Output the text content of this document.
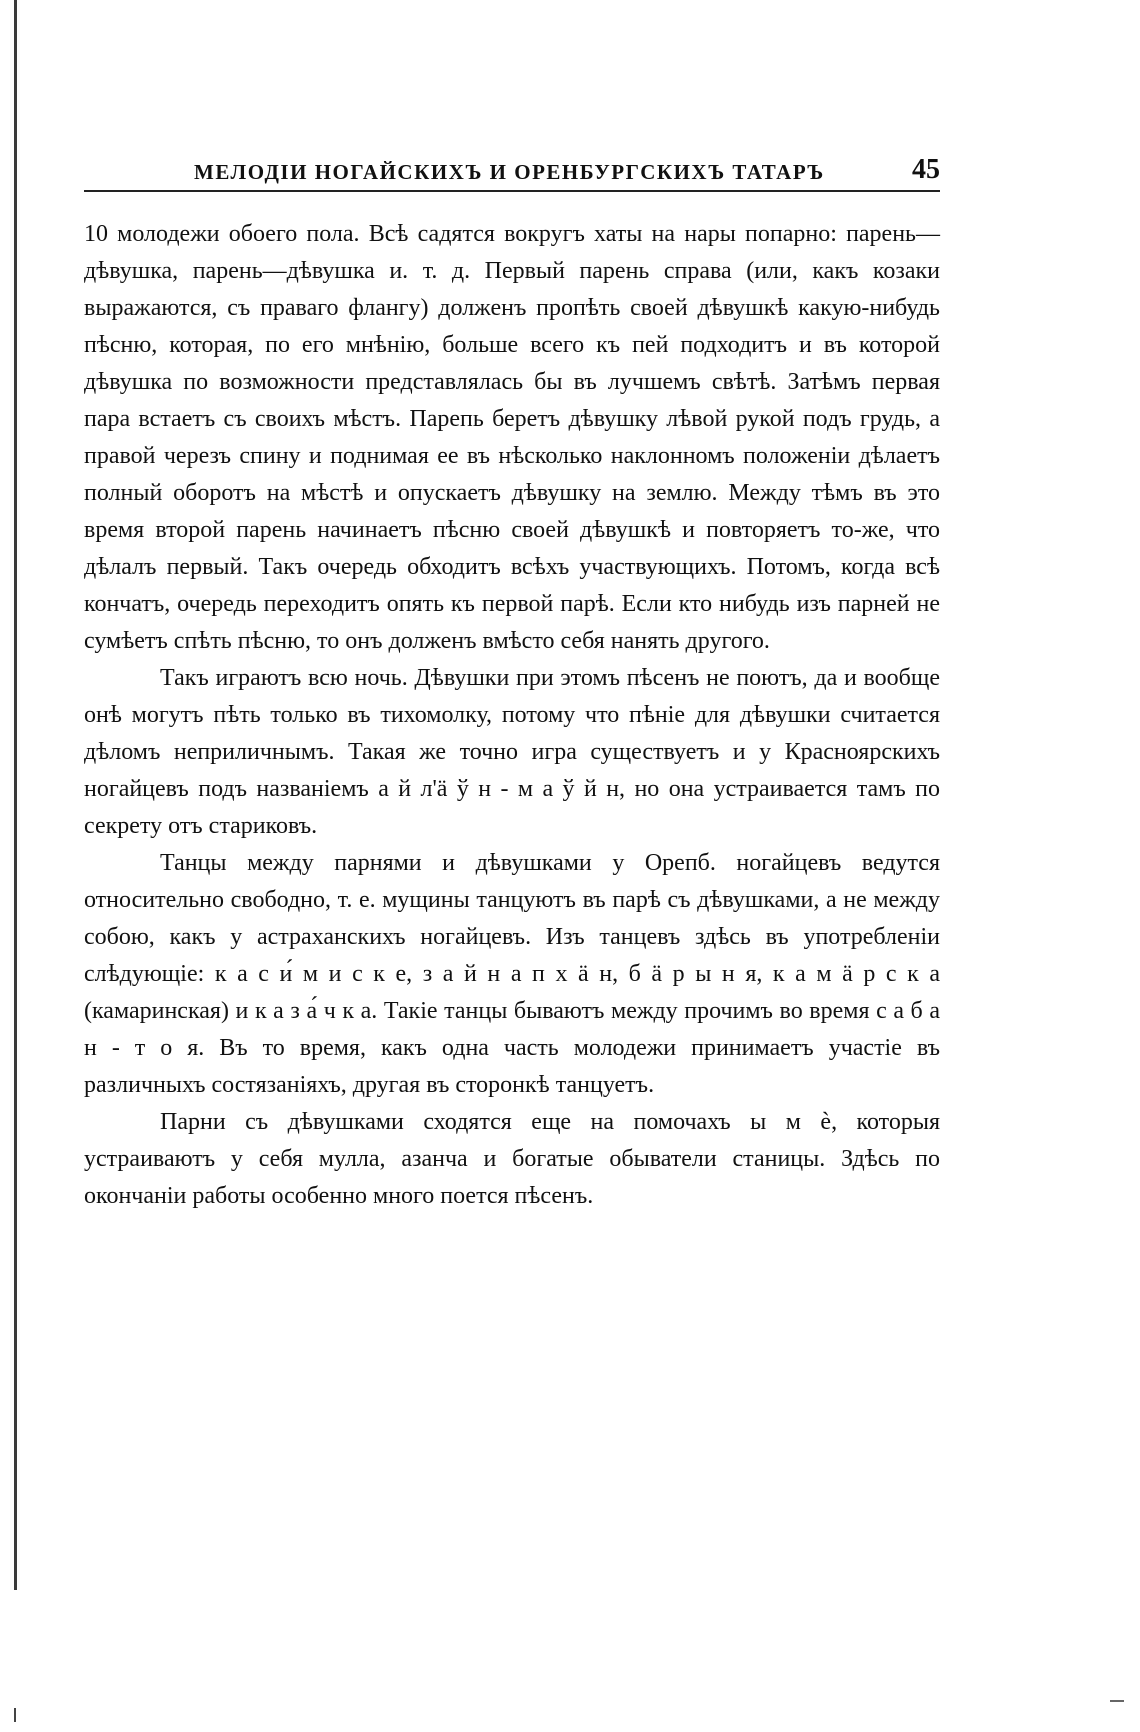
МЕЛОДІИ НОГАЙСКИХЪ И ОРЕНБУРГСКИХЪ ТАТАРЪ	45

10 молодежи обоего пола. Всѣ садятся вокругъ хаты на нары попарно: парень—дѣвушка, парень—дѣвушка и. т. д. Первый парень справа (или, какъ козаки выражаются, съ праваго флангу) долженъ пропѣть своей дѣвушкѣ какую-нибудь пѣсню, которая, по его мнѣнію, больше всего къ пей подходитъ и въ которой дѣвушка по возможности представлялась бы въ лучшемъ свѣтѣ. Затѣмъ первая пара встаетъ съ своихъ мѣстъ. Парепь беретъ дѣвушку лѣвой рукой подъ грудь, а правой черезъ спину и поднимая ее въ нѣсколько наклонномъ положеніи дѣлаетъ полный оборотъ на мѣстѣ и опускаетъ дѣвушку на землю. Между тѣмъ въ это время второй парень начинаетъ пѣсню своей дѣвушкѣ и повторяетъ то-же, что дѣлалъ первый. Такъ очередь обходитъ всѣхъ участвующихъ. Потомъ, когда всѣ кончатъ, очередь переходитъ опять къ первой парѣ. Если кто нибудь изъ парней не сумѣетъ спѣть пѣсню, то онъ долженъ вмѣсто себя нанять другого.

Такъ играютъ всю ночь. Дѣвушки при этомъ пѣсенъ не поютъ, да и вообще онѣ могутъ пѣть только въ тихомолку, потому что пѣніе для дѣвушки считается дѣломъ неприличнымъ. Такая же точно игра существуетъ и у Красноярскихъ ногайцевъ подъ названіемъ а й л'ä ў н - м а ў й н, но она устраивается тамъ по секрету отъ стариковъ.

Танцы между парнями и дѣвушками у Орепб. ногайцевъ ведутся относительно свободно, т. е. мущины танцуютъ въ парѣ съ дѣвушками, а не между собою, какъ у астраханскихъ ногайцевъ. Изъ танцевъ здѣсь въ употребленіи слѣдующіе: к а с и́ м и с к е, з а й н а п х ä н, б ä р ы н я, к а м ä р с к а (камаринская) и к а з а́ ч к а. Такіе танцы бываютъ между прочимъ во время с а б а н - т о я. Въ то время, какъ одна часть молодежи принимаетъ участіе въ различныхъ состязаніяхъ, другая въ сторонкѣ танцуетъ.

Парни съ дѣвушками сходятся еще на помочахъ ы м ѐ, которыя устраиваютъ у себя мулла, азанча и богатые обыватели станицы. Здѣсь по окончаніи работы особенно много поется пѣсенъ.
